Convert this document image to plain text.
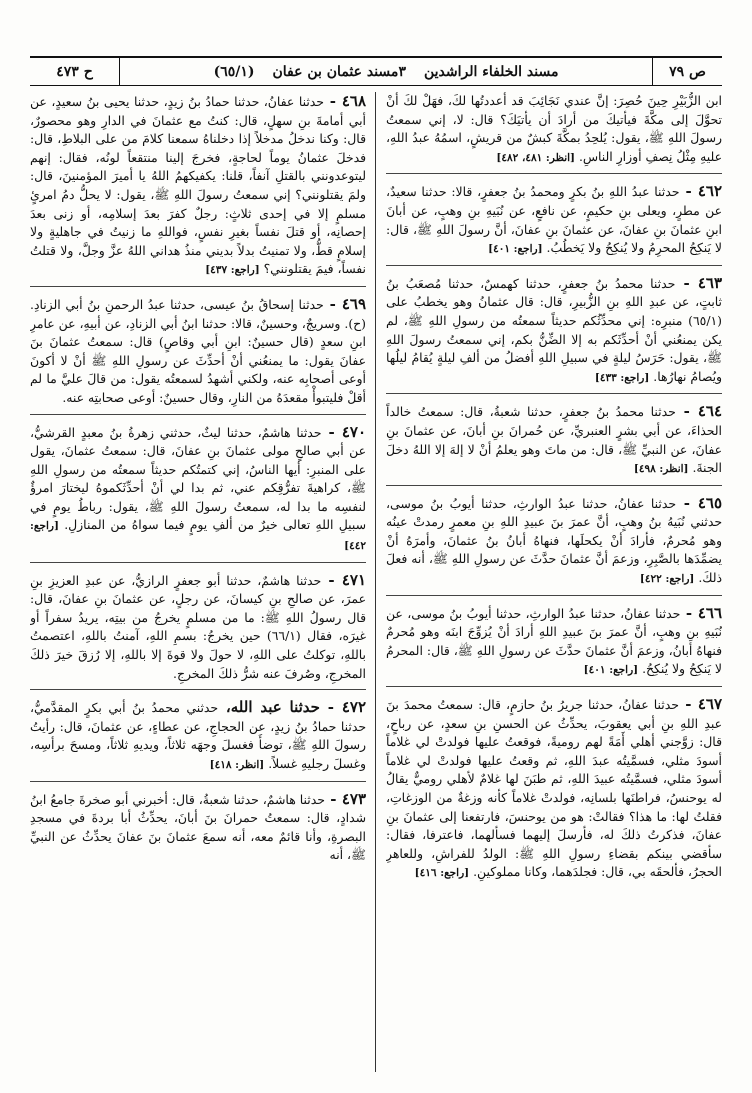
ص ٧٩
مسند الخلفاء الراشدين
٣مسند عثمان بن عفان
(٦٥/١)
ح ٤٧٣

ابن الزُّبَيْرِ حِينَ حُصِرَ: إنَّ عندي نَجَائِبَ قد أعددتُها لكَ، فهَلْ لكَ أنْ تحوَّلَ إلى مكَّةَ فيأتيكَ من أرادَ أن يأتيَكَ؟ قال: لا، إني سمعتُ رسولَ اللهِ ﷺ، يقول: يُلحِدُ بمكَّةَ كبشٌ من قريشٍ، اسمُهُ عبدُ اللهِ، عليهِ مِثْلُ نِصفِ أوزارِ الناسِ. [انظر: ٤٨١، ٤٨٢]

٤٦٢ - حدثنا عبدُ اللهِ بنُ بكرٍ ومحمدُ بنُ جعفرٍ، قالا: حدثنا سعيدٌ، عن مطرٍ، ويعلى بنِ حكيمٍ، عن نافعٍ، عن نُبَيهِ بنِ وهبٍ، عن أبانَ ابنِ عثمانَ بنِ عفانَ، عن عثمانَ بنِ عفانَ، أنَّ رسولَ اللهِ ﷺ، قال: لا يَنكِحُ المحرِمُ ولا يُنكِحُ ولا يَخطُبُ. [راجع: ٤٠١]

٤٦٣ - حدثنا محمدُ بنُ جعفرٍ، حدثنا كهمسٌ، حدثنا مُصعَبُ بنُ ثابتٍ، عن عبدِ اللهِ بنِ الزُّبيرِ، قال: قال عثمانُ وهو يخطبُ على (٦٥/١) منبرِه: إني محدِّثُكم حديثاً سمعتُه من رسولِ اللهِ ﷺ، لم يكن يمنعُني أنْ أحدِّثَكم به إلا الضِّنُّ بكم، إني سمعتُ رسولَ اللهِ ﷺ، يقول: حَرَسُ ليلةٍ في سبيلِ اللهِ أفضلُ من ألفِ ليلةٍ يُقامُ ليلُها ويُصامُ نهارُها. [راجع: ٤٣٣]

٤٦٤ - حدثنا محمدُ بنُ جعفرٍ، حدثنا شعبةُ، قال: سمعتُ خالداً الحذاءَ، عن أبي بشرٍ العنبريِّ، عن حُمرانَ بنِ أبانَ، عن عثمانَ بنِ عفانَ، عن النبيِّ ﷺ، قال: من ماتَ وهو يعلمُ أنْ لا إلهَ إلا اللهُ دخلَ الجنةَ. [انظر: ٤٩٨]

٤٦٥ - حدثنا عفانُ، حدثنا عبدُ الوارثِ، حدثنا أيوبُ بنُ موسى، حدثني نُبَيهُ بنُ وهبٍ، أنَّ عمرَ بنَ عبيدِ اللهِ بنِ معمرٍ رمدتْ عينُه وهو مُحرمٌ، فأرادَ أنْ يكحلَها، فنهاهُ أبانُ بنُ عثمانَ، وأمرَهُ أنْ يضمِّدَها بالصَّبِرِ، وزعمَ أنَّ عثمانَ حدَّثَ عن رسولِ اللهِ ﷺ، أنه فعلَ ذلكَ. [راجع: ٤٢٢]

٤٦٦ - حدثنا عفانُ، حدثنا عبدُ الوارثِ، حدثنا أيوبُ بنُ موسى، عن نُبَيهِ بنِ وهبٍ، أنَّ عمرَ بنَ عبيدِ اللهِ أرادَ أنْ يُزوِّجَ ابنَه وهو مُحرمٌ فنهاهُ أبانُ، وزعمَ أنَّ عثمانَ حدَّثَ عن رسولِ اللهِ ﷺ، قال: المحرمُ لا يَنكِحُ ولا يُنكِحُ. [راجع: ٤٠١]

٤٦٧ - حدثنا عفانُ، حدثنا جريرُ بنُ حازمٍ، قال: سمعتُ محمدَ بنَ عبدِ اللهِ بنِ أبي يعقوبَ، يحدِّثُ عن الحسنِ بنِ سعدٍ، عن رباحٍ، قال: زوَّجني أهلي أَمَةً لهم روميةً، فوقعتُ عليها فولدتْ لي غلاماً أسودَ مثلي، فسمَّيتُه عبدَ اللهِ، ثم وقعتُ عليها فولدتْ لي غلاماً أسودَ مثلي، فسمَّيتُه عبيدَ اللهِ، ثم طبَنَ لها غلامٌ لأهلي روميٌّ يقالُ له يوحنسُ، فراطنَها بلسانِه، فولدتْ غلاماً كأنه وزغةٌ من الوزغاتِ، فقلتُ لها: ما هذا؟ فقالتْ: هو من يوحنسَ، فارتفعنا إلى عثمانَ بنِ عفانَ، فذكرتُ ذلكَ له، فأرسلَ إليهما فسألهما، فاعترفا، فقال: سأقضي بينكم بقضاءِ رسولِ اللهِ ﷺ: الولدُ للفراشِ، وللعاهرِ الحجرُ، فألحقَه بي، قال: فجلدَهما، وكانا مملوكينِ. [راجع: ٤١٦]

٤٦٨ - حدثنا عفانُ، حدثنا حمادُ بنُ زيدٍ، حدثنا يحيى بنُ سعيدٍ، عن أبي أمامةَ بنِ سهلٍ، قال: كنتُ مع عثمانَ في الدارِ وهو محصورٌ، قال: وكنا ندخلُ مدخلاً إذا دخلناهُ سمعنا كلامَ من على البلاطِ، قال: فدخلَ عثمانُ يوماً لحاجةٍ، فخرجَ إلينا منتقعاً لونُه، فقال: إنهم ليتوعدونني بالقتلِ آنفاً، قلنا: يكفيكهمُ اللهُ يا أميرَ المؤمنينَ، قال: ولمَ يقتلونني؟ إني سمعتُ رسولَ اللهِ ﷺ، يقول: لا يحلُّ دمُ امرئٍ مسلمٍ إلا في إحدى ثلاثٍ: رجلٌ كفرَ بعدَ إسلامِه، أو زنى بعدَ إحصانِه، أو قتلَ نفساً بغيرِ نفسٍ، فواللهِ ما زنيتُ في جاهليةٍ ولا إسلامٍ قطُّ، ولا تمنيتُ بدلاً بديني منذُ هداني اللهُ عزَّ وجلَّ، ولا قتلتُ نفساً، فيمَ يقتلونني؟ [راجع: ٤٣٧]

٤٦٩ - حدثنا إسحاقُ بنُ عيسى، حدثنا عبدُ الرحمنِ بنُ أبي الزنادِ. (ح). وسريجٌ، وحسينٌ، قالا: حدثنا ابنُ أبي الزنادِ، عن أبيهِ، عن عامرِ ابنِ سعدٍ (قال حسينٌ: ابنِ أبي وقاصٍ) قال: سمعتُ عثمانَ بنَ عفانَ يقول: ما يمنعُني أنْ أحدِّثَ عن رسولِ اللهِ ﷺ أنْ لا أكونَ أوعى أصحابِه عنه، ولكني أشهدُ لسمعتُه يقول: من قالَ عليَّ ما لم أقلْ فليتبوأْ مقعدَهُ من النارِ، وقال حسينٌ: أوعى صحابتِه عنه.

٤٧٠ - حدثنا هاشمٌ، حدثنا ليثٌ، حدثني زهرةُ بنُ معبدٍ القرشيُّ، عن أبي صالحٍ مولى عثمانَ بنِ عفانَ، قال: سمعتُ عثمانَ، يقول على المنبرِ: أيها الناسُ، إني كتمتُكم حديثاً سمعتُه من رسولِ اللهِ ﷺ، كراهيةَ تفرُّقِكم عني، ثم بدا لي أنْ أحدِّثَكموهُ ليختارَ امرؤٌ لنفسِه ما بدا له، سمعتُ رسولَ اللهِ ﷺ، يقول: رباطُ يومٍ في سبيلِ اللهِ تعالى خيرٌ من ألفِ يومٍ فيما سواهُ من المنازلِ. [راجع: ٤٤٢]

٤٧١ - حدثنا هاشمٌ، حدثنا أبو جعفرٍ الرازيُّ، عن عبدِ العزيزِ بنِ عمرَ، عن صالحِ بنِ كيسانَ، عن رجلٍ، عن عثمانَ بنِ عفانَ، قال: قال رسولُ اللهِ ﷺ: ما من مسلمٍ يخرجُ من بيتِه، يريدُ سفراً أو غيرَه، فقال (٦٦/١) حين يخرجُ: بسمِ اللهِ، آمنتُ باللهِ، اعتصمتُ باللهِ، توكلتُ على اللهِ، لا حولَ ولا قوةَ إلا باللهِ، إلا رُزقَ خيرَ ذلكَ المخرجِ، وصُرفَ عنه شرُّ ذلكَ المخرجِ.

٤٧٢ - حدثنا عبد الله، حدثني محمدُ بنُ أبي بكرٍ المقدَّميُّ، حدثنا حمادُ بنُ زيدٍ، عن الحجاجِ، عن عطاءٍ، عن عثمانَ، قال: رأيتُ رسولَ اللهِ ﷺ، توضأَ فغسلَ وجهَه ثلاثاً، ويديهِ ثلاثاً، ومسحَ برأسِه، وغسلَ رجليهِ غسلاً. [انظر: ٤١٨]

٤٧٣ - حدثنا هاشمٌ، حدثنا شعبةُ، قال: أخبرني أبو صخرةَ جامعُ ابنُ شدادٍ، قال: سمعتُ حمرانَ بنَ أبانَ، يحدِّثُ أبا بردةَ في مسجدِ البصرةِ، وأنا قائمٌ معه، أنه سمعَ عثمانَ بنَ عفانَ يحدِّثُ عن النبيِّ ﷺ، أنه
